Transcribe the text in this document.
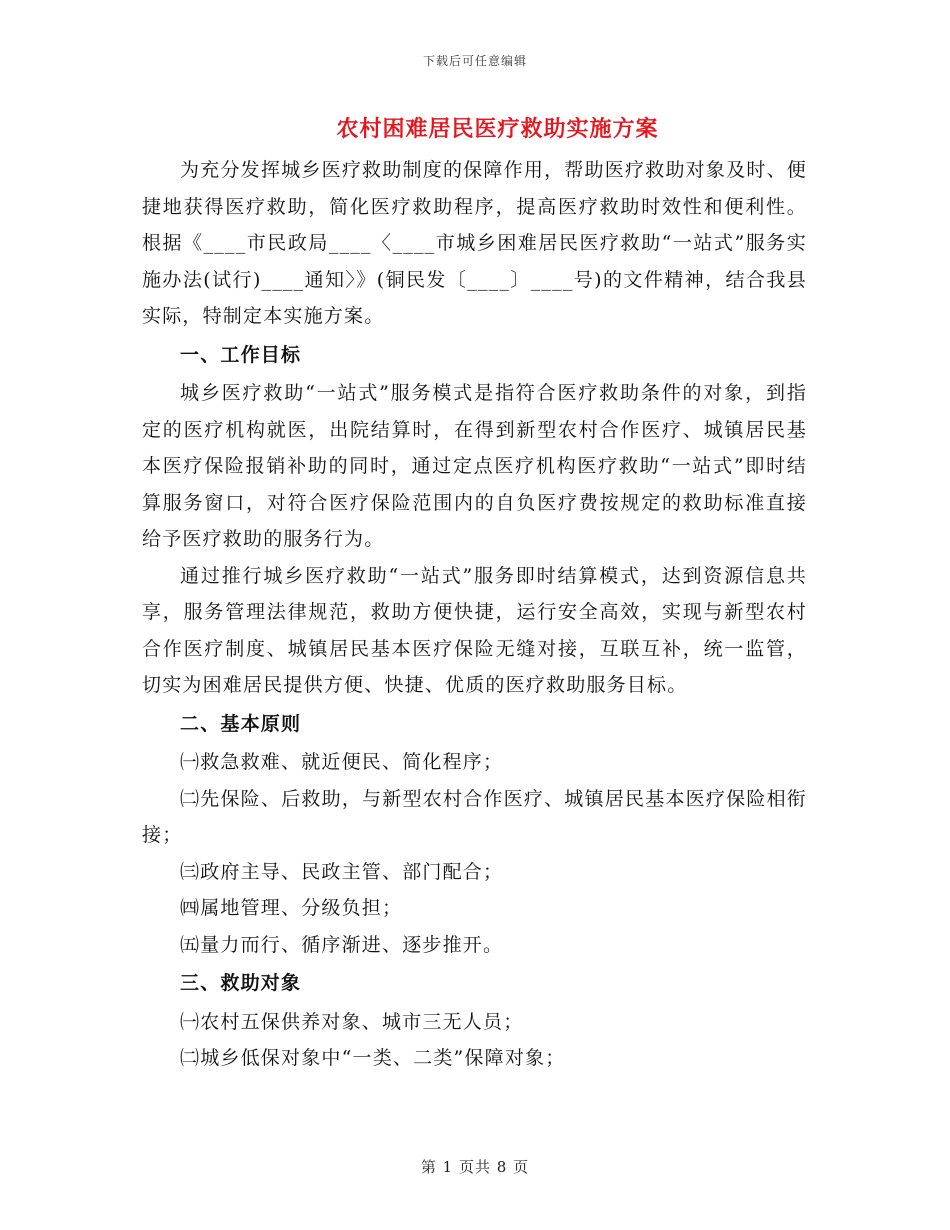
下载后可任意编辑
农村困难居民医疗救助实施方案

为充分发挥城乡医疗救助制度的保障作用，帮助医疗救助对象及时、便捷地获得医疗救助，简化医疗救助程序，提高医疗救助时效性和便利性。根据《____市民政局____〈____市城乡困难居民医疗救助“一站式”服务实施办法(试行)____通知〉》(铜民发〔____〕____号)的文件精神，结合我县实际，特制定本实施方案。

一、工作目标

城乡医疗救助“一站式”服务模式是指符合医疗救助条件的对象，到指定的医疗机构就医，出院结算时，在得到新型农村合作医疗、城镇居民基本医疗保险报销补助的同时，通过定点医疗机构医疗救助“一站式”即时结算服务窗口，对符合医疗保险范围内的自负医疗费按规定的救助标准直接给予医疗救助的服务行为。

通过推行城乡医疗救助“一站式”服务即时结算模式，达到资源信息共享，服务管理法律规范，救助方便快捷，运行安全高效，实现与新型农村合作医疗制度、城镇居民基本医疗保险无缝对接，互联互补，统一监管，切实为困难居民提供方便、快捷、优质的医疗救助服务目标。

二、基本原则

㈠救急救难、就近便民、简化程序；

㈡先保险、后救助，与新型农村合作医疗、城镇居民基本医疗保险相衔接；

㈢政府主导、民政主管、部门配合；

㈣属地管理、分级负担；

㈤量力而行、循序渐进、逐步推开。

三、救助对象

㈠农村五保供养对象、城市三无人员；

㈡城乡低保对象中“一类、二类”保障对象；

第 1 页共 8 页
